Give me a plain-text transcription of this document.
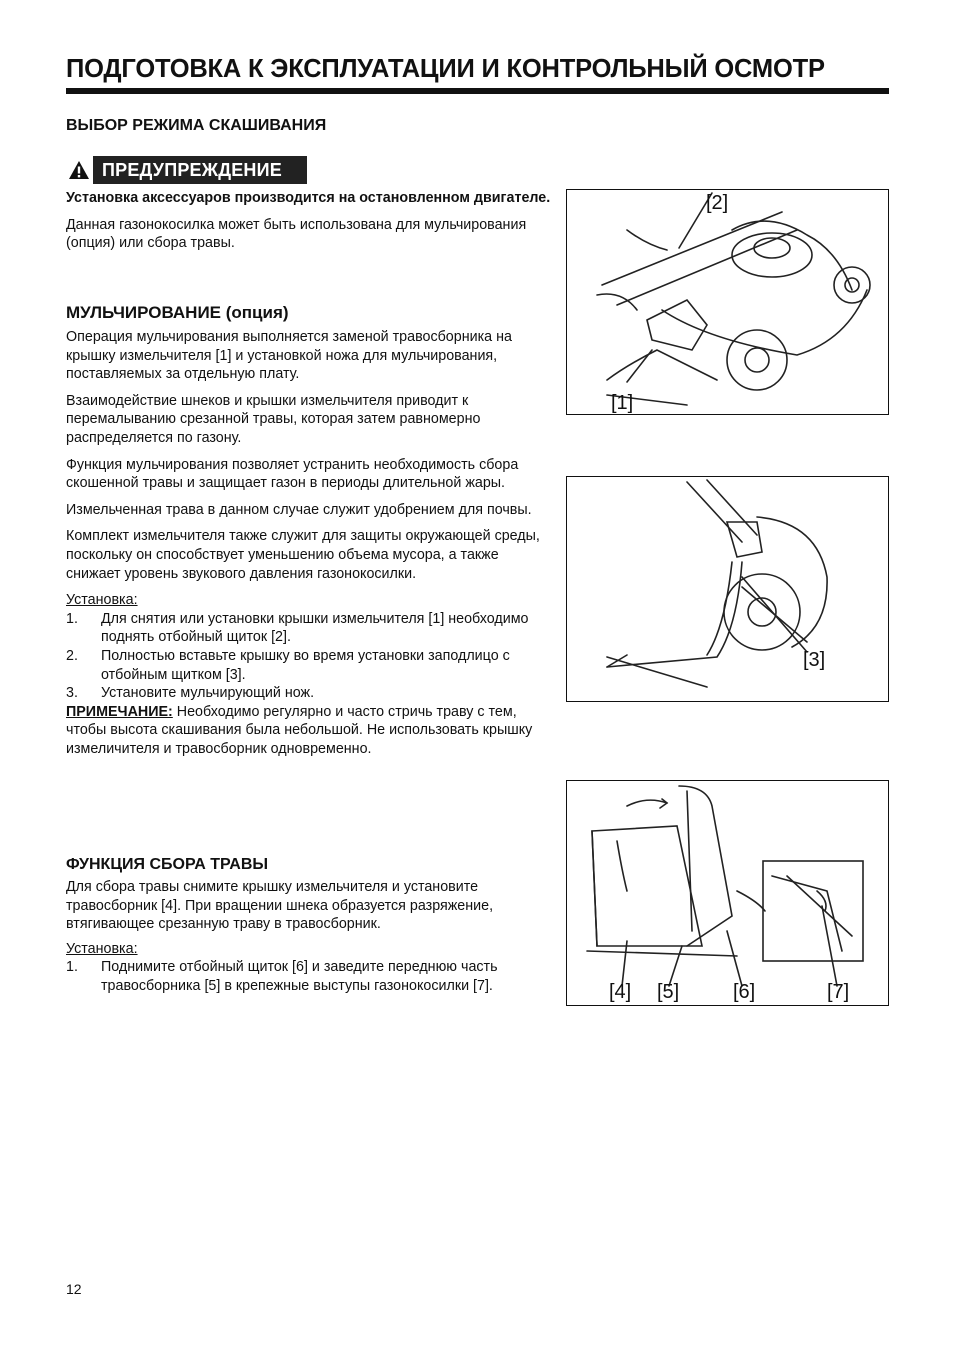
ПОДГОТОВКА К ЭКСПЛУАТАЦИИ И КОНТРОЛЬНЫЙ ОСМОТР
ВЫБОР РЕЖИМА СКАШИВАНИЯ
ПРЕДУПРЕЖДЕНИЕ

Установка аксессуаров производится на остановленном двигателе.

Данная газонокосилка может быть использована для мульчирования (опция) или сбора травы.

МУЛЬЧИРОВАНИЕ (опция)

Операция мульчирования выполняется заменой травосборника на крышку измельчителя [1] и установкой ножа для мульчирования, поставляемых за отдельную плату.

Взаимодействие шнеков и крышки измельчителя приводит к перемалыванию срезанной травы, которая затем равномерно распределяется по газону.

Функция мульчирования позволяет устранить необходимость сбора скошенной травы и защищает газон в периоды длительной жары.

Измельченная трава в данном случае служит удобрением для почвы.

Комплект измельчителя также служит для защиты окружающей среды, поскольку он способствует уменьшению объема мусора, а также снижает уровень звукового давления газонокосилки.

Установка:

1. Для снятия или установки крышки измельчителя [1] необходимо поднять отбойный щиток [2].
2. Полностью вставьте крышку во время установки заподлицо с отбойным щитком [3].
3. Установите мульчирующий нож.

ПРИМЕЧАНИЕ: Необходимо регулярно и часто стричь траву с тем, чтобы высота скашивания была небольшой. Не использовать крышку измеличителя и травосборник одновременно.

ФУНКЦИЯ СБОРА ТРАВЫ

Для сбора травы снимите крышку измельчителя и установите травосборник [4]. При вращении шнека образуется разряжение, втягивающее срезанную траву в травосборник.

Установка:

1. Поднимите отбойный щиток [6] и заведите переднюю часть травосборника [5] в крепежные выступы газонокосилки [7].
[2]
[1]
[3]
[4] [5]	[6]	[7]
12
